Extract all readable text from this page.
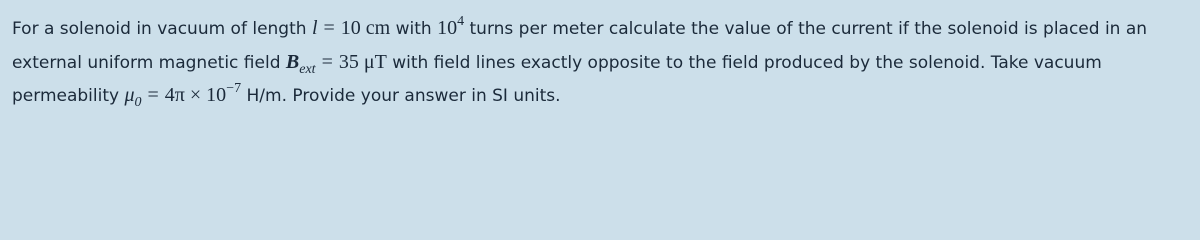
For a solenoid in vacuum of length l = 10 cm with $10^4$ turns per meter calculate the value of the current if the solenoid is placed in an
external uniform magnetic field $B_{ext} = 35$ μT with field lines exactly opposite to the field produced by the solenoid. Take vacuum
permeability $\mu_0 = 4\pi \times 10^{-7}$ H/m. Provide your answer in SI units.
